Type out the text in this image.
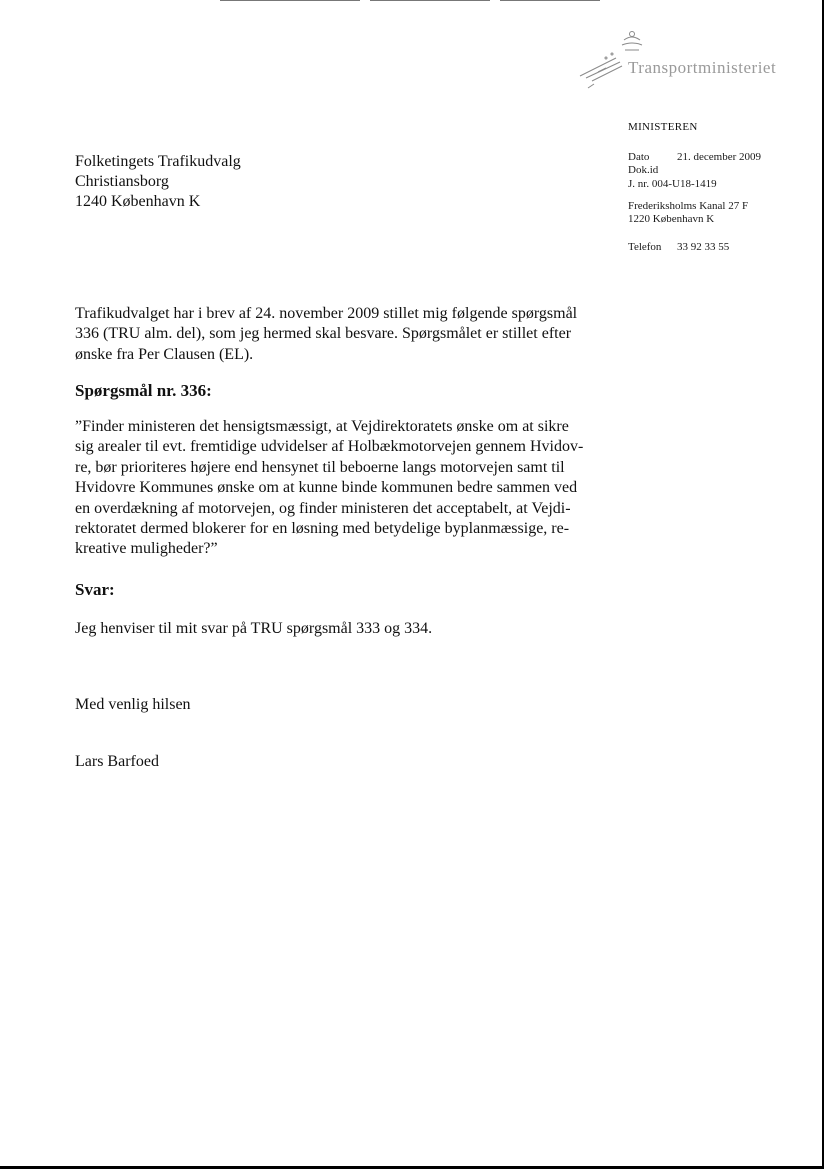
Transportministeriet
MINISTEREN
Dato	21. december 2009
Dok.id
J. nr. 004-U18-1419
Frederiksholms Kanal 27 F
1220 København K
Telefon 33 92 33 55
Folketingets Trafikudvalg
Christiansborg
1240 København K
Trafikudvalget har i brev af 24. november 2009 stillet mig følgende spørgsmål
336 (TRU alm. del), som jeg hermed skal besvare. Spørgsmålet er stillet efter
ønske fra Per Clausen (EL).
Spørgsmål nr. 336:
”Finder ministeren det hensigtsmæssigt, at Vejdirektoratets ønske om at sikre
sig arealer til evt. fremtidige udvidelser af Holbækmotorvejen gennem Hvidov-
re, bør prioriteres højere end hensynet til beboerne langs motorvejen samt til
Hvidovre Kommunes ønske om at kunne binde kommunen bedre sammen ved
en overdækning af motorvejen, og finder ministeren det acceptabelt, at Vejdi-
rektoratet dermed blokerer for en løsning med betydelige byplanmæssige, re-
kreative muligheder?”
Svar:
Jeg henviser til mit svar på TRU spørgsmål 333 og 334.
Med venlig hilsen
Lars Barfoed
